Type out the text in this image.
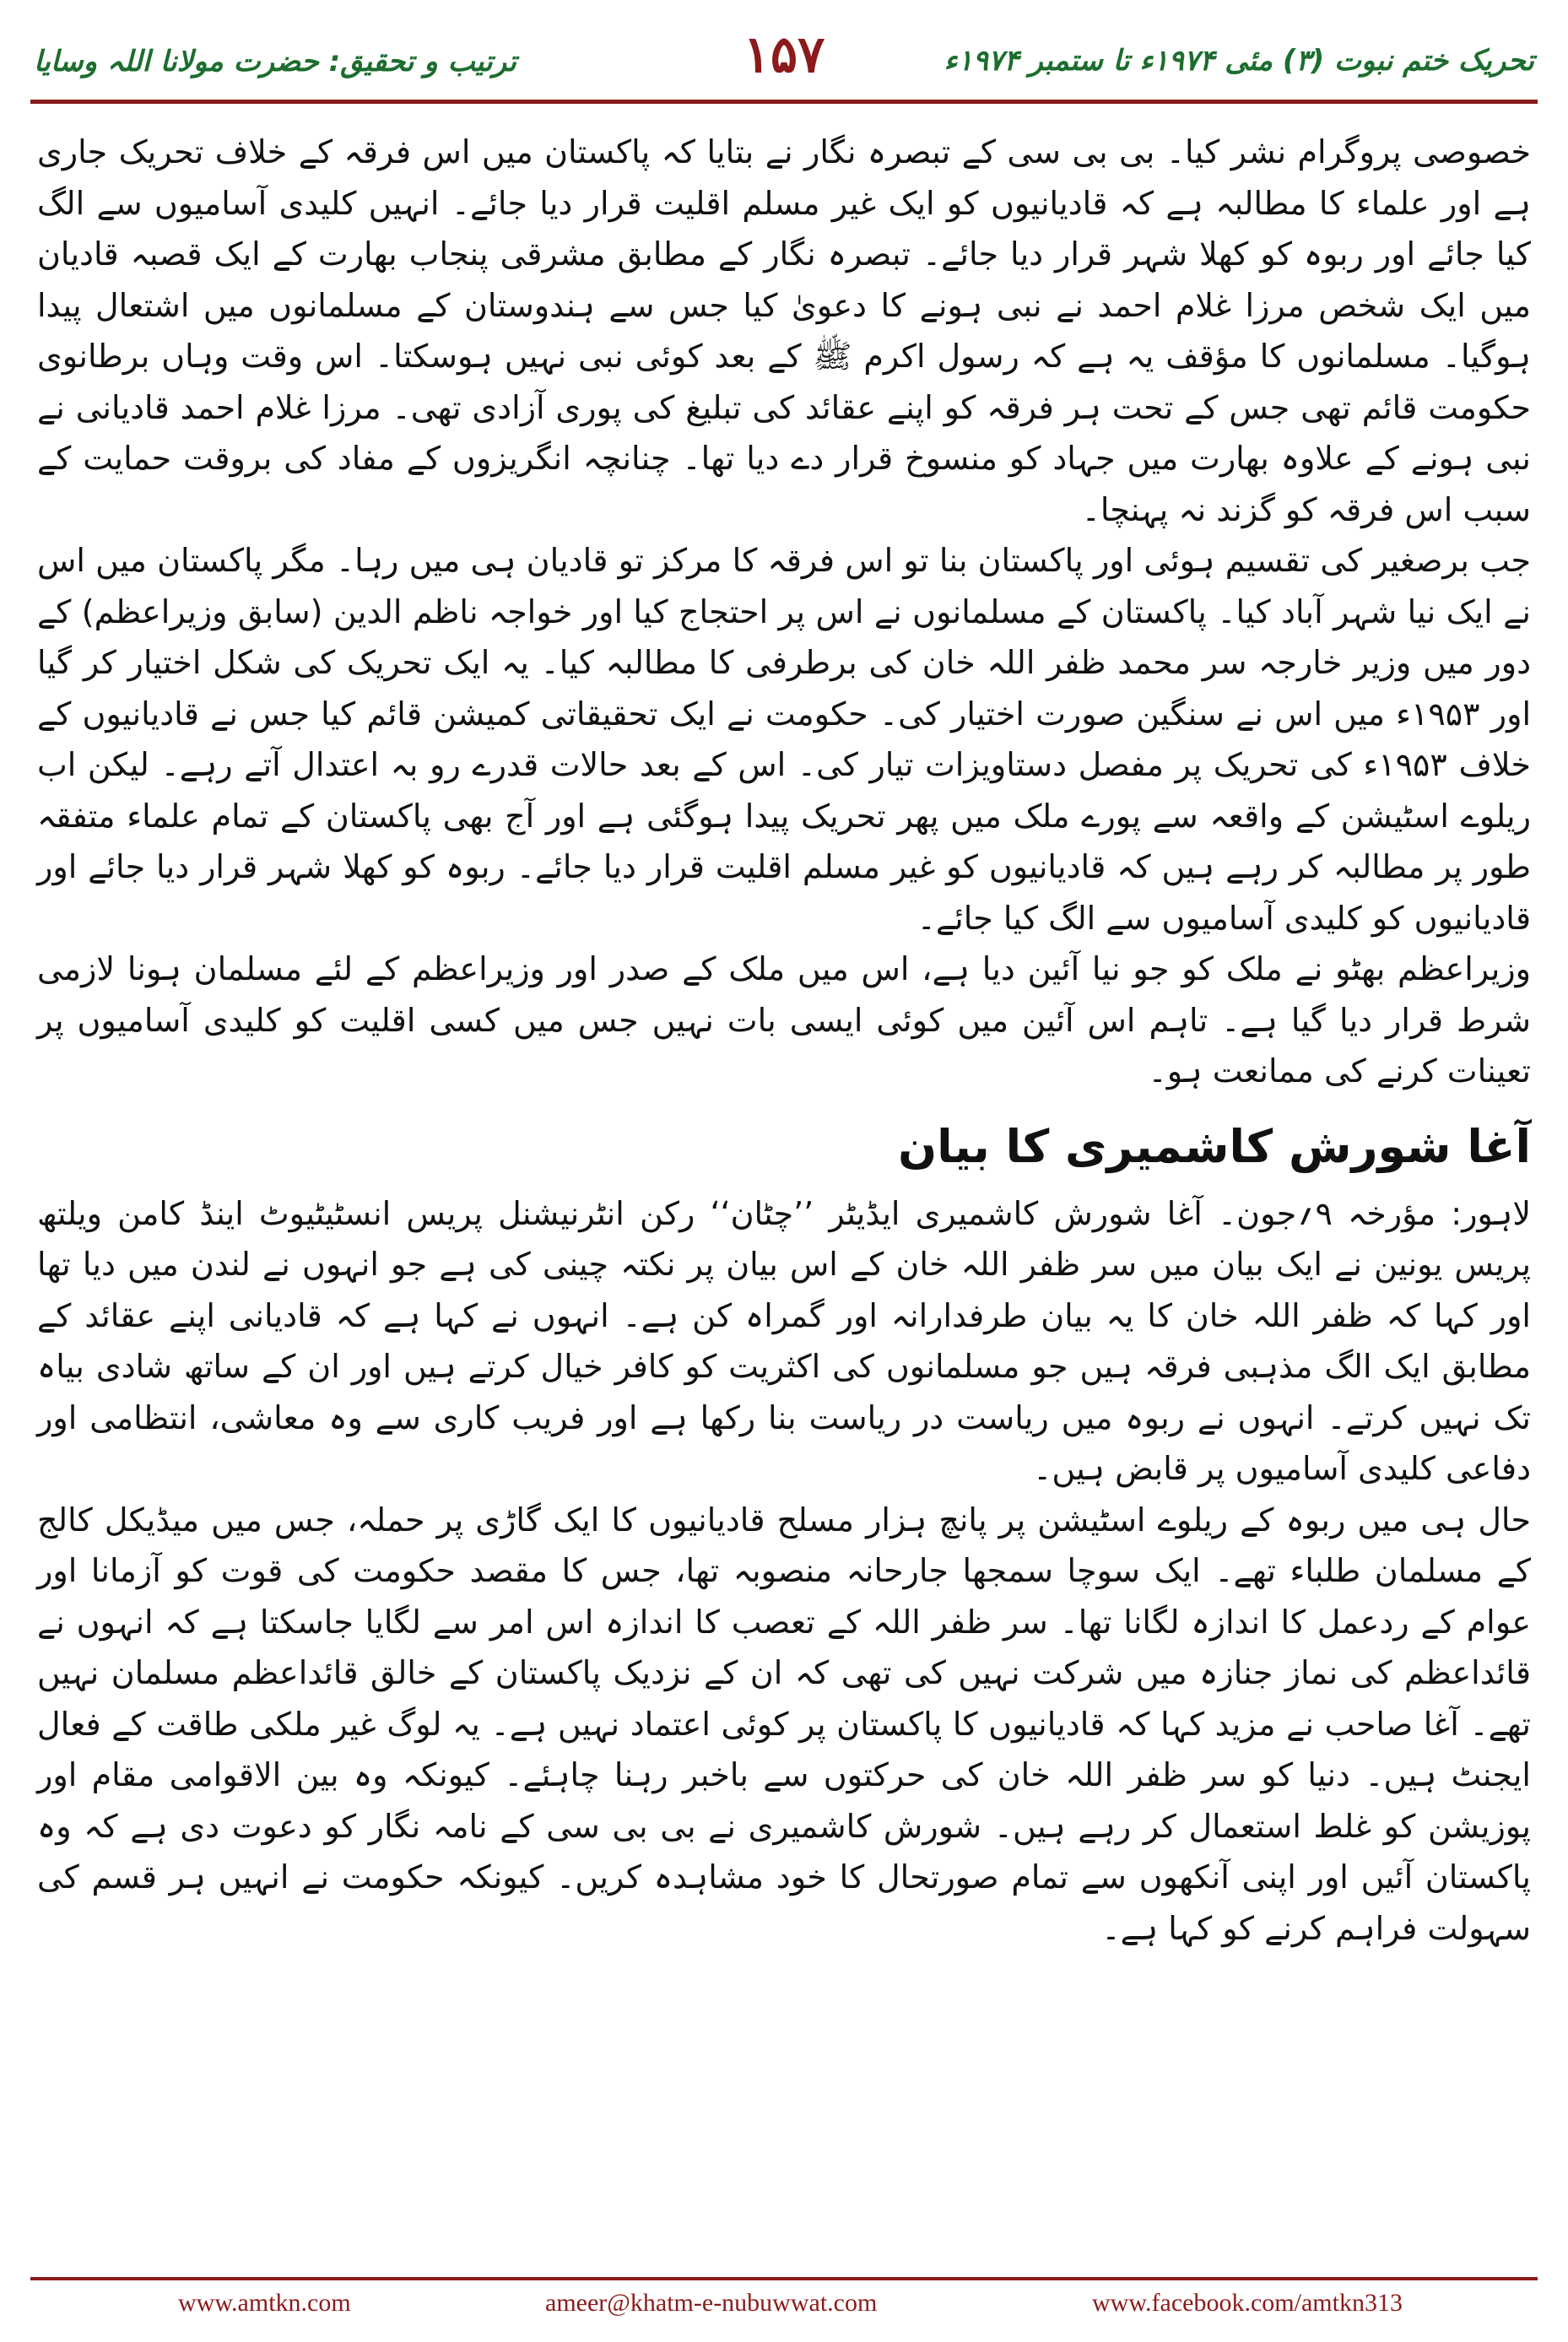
ترتیب و تحقیق: حضرت مولانا اللہ وسایا	۱۵۷	تحریک ختم نبوت (۳) مئی ۱۹۷۴ء تا ستمبر ۱۹۷۴ء

خصوصی پروگرام نشر کیا۔ بی بی سی کے تبصرہ نگار نے بتایا کہ پاکستان میں اس فرقہ کے خلاف تحریک جاری ہے اور علماء کا مطالبہ ہے کہ قادیانیوں کو ایک غیر مسلم اقلیت قرار دیا جائے۔ انہیں کلیدی آسامیوں سے الگ کیا جائے اور ربوہ کو کھلا شہر قرار دیا جائے۔ تبصرہ نگار کے مطابق مشرقی پنجاب بھارت کے ایک قصبہ قادیان میں ایک شخص مرزا غلام احمد نے نبی ہونے کا دعویٰ کیا جس سے ہندوستان کے مسلمانوں میں اشتعال پیدا ہوگیا۔ مسلمانوں کا مؤقف یہ ہے کہ رسول اکرم ﷺ کے بعد کوئی نبی نہیں ہوسکتا۔ اس وقت وہاں برطانوی حکومت قائم تھی جس کے تحت ہر فرقہ کو اپنے عقائد کی تبلیغ کی پوری آزادی تھی۔ مرزا غلام احمد قادیانی نے نبی ہونے کے علاوہ بھارت میں جہاد کو منسوخ قرار دے دیا تھا۔ چنانچہ انگریزوں کے مفاد کی بروقت حمایت کے سبب اس فرقہ کو گزند نہ پہنچا۔

جب برصغیر کی تقسیم ہوئی اور پاکستان بنا تو اس فرقہ کا مرکز تو قادیان ہی میں رہا۔ مگر پاکستان میں اس نے ایک نیا شہر آباد کیا۔ پاکستان کے مسلمانوں نے اس پر احتجاج کیا اور خواجہ ناظم الدین (سابق وزیراعظم) کے دور میں وزیر خارجہ سر محمد ظفر اللہ خان کی برطرفی کا مطالبہ کیا۔ یہ ایک تحریک کی شکل اختیار کر گیا اور ۱۹۵۳ء میں اس نے سنگین صورت اختیار کی۔ حکومت نے ایک تحقیقاتی کمیشن قائم کیا جس نے قادیانیوں کے خلاف ۱۹۵۳ء کی تحریک پر مفصل دستاویزات تیار کی۔ اس کے بعد حالات قدرے رو بہ اعتدال آتے رہے۔ لیکن اب ریلوے اسٹیشن کے واقعہ سے پورے ملک میں پھر تحریک پیدا ہوگئی ہے اور آج بھی پاکستان کے تمام علماء متفقہ طور پر مطالبہ کر رہے ہیں کہ قادیانیوں کو غیر مسلم اقلیت قرار دیا جائے۔ ربوہ کو کھلا شہر قرار دیا جائے اور قادیانیوں کو کلیدی آسامیوں سے الگ کیا جائے۔

وزیراعظم بھٹو نے ملک کو جو نیا آئین دیا ہے، اس میں ملک کے صدر اور وزیراعظم کے لئے مسلمان ہونا لازمی شرط قرار دیا گیا ہے۔ تاہم اس آئین میں کوئی ایسی بات نہیں جس میں کسی اقلیت کو کلیدی آسامیوں پر تعینات کرنے کی ممانعت ہو۔

آغا شورش کاشمیری کا بیان

لاہور: مؤرخہ ۹؍جون۔ آغا شورش کاشمیری ایڈیٹر ’’چٹان‘‘ رکن انٹرنیشنل پریس انسٹیٹیوٹ اینڈ کامن ویلتھ پریس یونین نے ایک بیان میں سر ظفر اللہ خان کے اس بیان پر نکتہ چینی کی ہے جو انہوں نے لندن میں دیا تھا اور کہا کہ ظفر اللہ خان کا یہ بیان طرفدارانہ اور گمراہ کن ہے۔ انہوں نے کہا ہے کہ قادیانی اپنے عقائد کے مطابق ایک الگ مذہبی فرقہ ہیں جو مسلمانوں کی اکثریت کو کافر خیال کرتے ہیں اور ان کے ساتھ شادی بیاہ تک نہیں کرتے۔ انہوں نے ربوہ میں ریاست در ریاست بنا رکھا ہے اور فریب کاری سے وہ معاشی، انتظامی اور دفاعی کلیدی آسامیوں پر قابض ہیں۔

حال ہی میں ربوہ کے ریلوے اسٹیشن پر پانچ ہزار مسلح قادیانیوں کا ایک گاڑی پر حملہ، جس میں میڈیکل کالج کے مسلمان طلباء تھے۔ ایک سوچا سمجھا جارحانہ منصوبہ تھا، جس کا مقصد حکومت کی قوت کو آزمانا اور عوام کے ردعمل کا اندازہ لگانا تھا۔ سر ظفر اللہ کے تعصب کا اندازہ اس امر سے لگایا جاسکتا ہے کہ انہوں نے قائداعظم کی نماز جنازہ میں شرکت نہیں کی تھی کہ ان کے نزدیک پاکستان کے خالق قائداعظم مسلمان نہیں تھے۔ آغا صاحب نے مزید کہا کہ قادیانیوں کا پاکستان پر کوئی اعتماد نہیں ہے۔ یہ لوگ غیر ملکی طاقت کے فعال ایجنٹ ہیں۔ دنیا کو سر ظفر اللہ خان کی حرکتوں سے باخبر رہنا چاہئے۔ کیونکہ وہ بین الاقوامی مقام اور پوزیشن کو غلط استعمال کر رہے ہیں۔ شورش کاشمیری نے بی بی سی کے نامہ نگار کو دعوت دی ہے کہ وہ پاکستان آئیں اور اپنی آنکھوں سے تمام صورتحال کا خود مشاہدہ کریں۔ کیونکہ حکومت نے انہیں ہر قسم کی سہولت فراہم کرنے کو کہا ہے۔

www.amtkn.com	ameer@khatm-e-nubuwwat.com	www.facebook.com/amtkn313
